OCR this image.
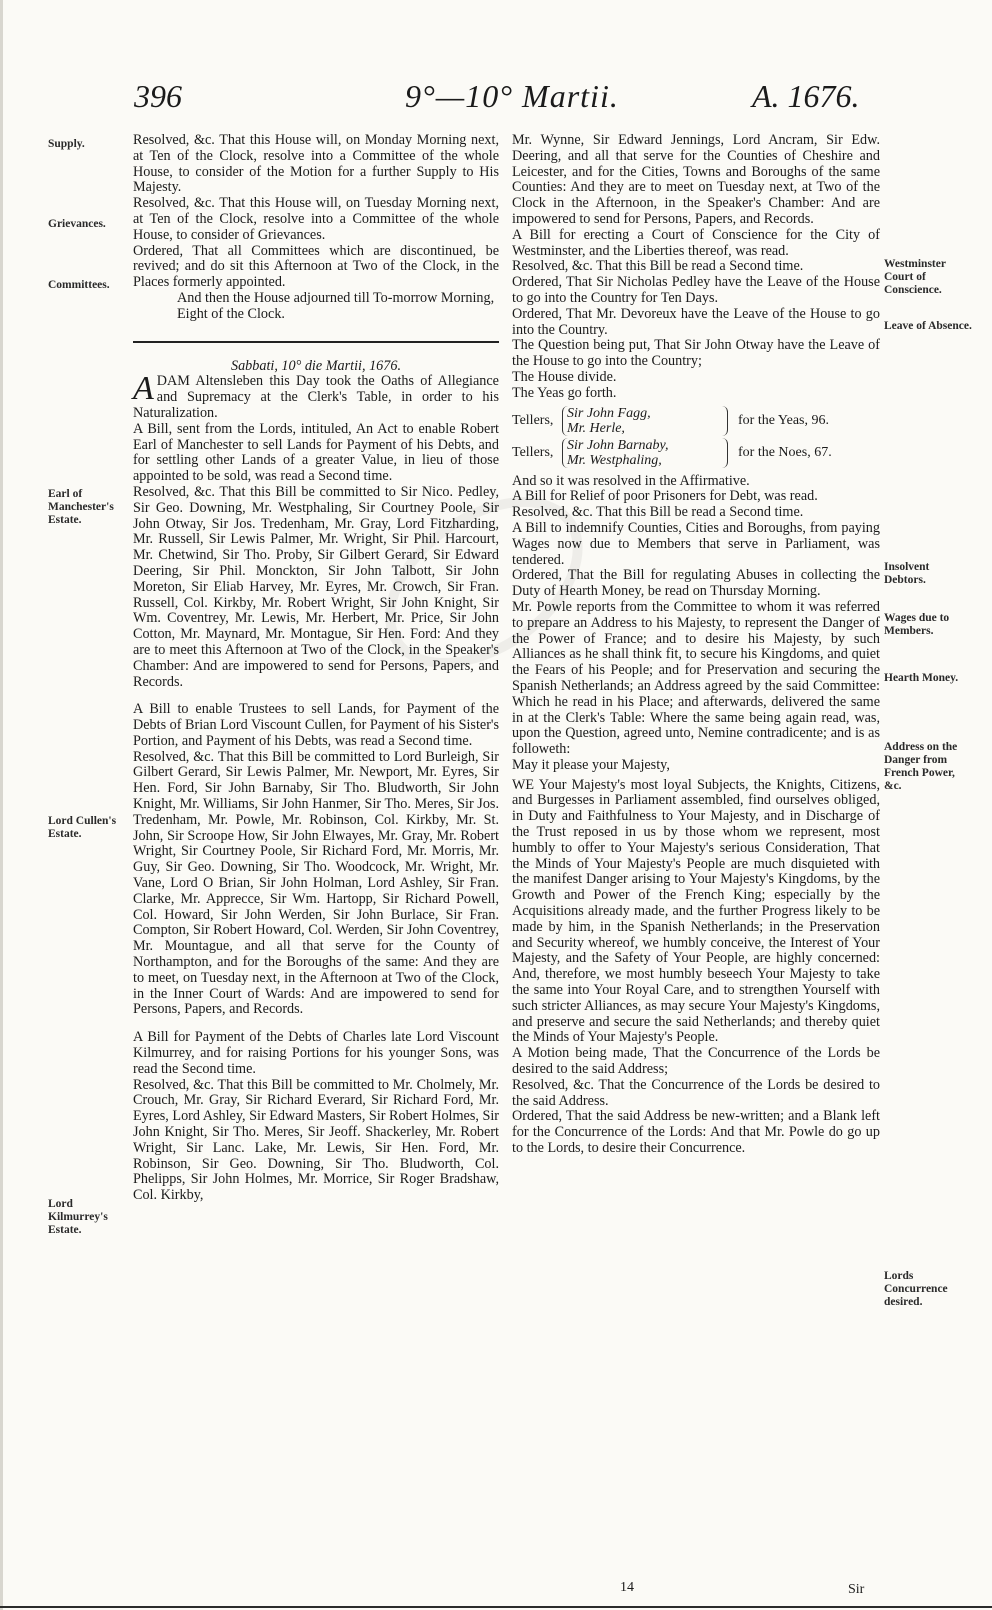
396	9°—10° Martii.	A. 1676.
Supply.
Grievances.
Committees.
Earl of Manchester's Estate.
Lord Cullen's Estate.
Lord Kilmurrey's Estate.
Westminster Court of Conscience.
Leave of Absence.
Insolvent Debtors.
Wages due to Members.
Hearth Money.
Address on the Danger from French Power, &c.
Lords Concurrence desired.

Resolved, &c. That this House will, on Monday Morning next, at Ten of the Clock, resolve into a Committee of the whole House, to consider of the Motion for a further Supply to His Majesty.

Resolved, &c. That this House will, on Tuesday Morning next, at Ten of the Clock, resolve into a Committee of the whole House, to consider of Grievances.

Ordered, That all Committees which are discontinued, be revived; and do sit this Afternoon at Two of the Clock, in the Places formerly appointed.

And then the House adjourned till To-morrow Morning, Eight of the Clock.

Sabbati, 10° die Martii, 1676.

ADAM Altensleben this Day took the Oaths of Allegiance and Supremacy at the Clerk's Table, in order to his Naturalization.

A Bill, sent from the Lords, intituled, An Act to enable Robert Earl of Manchester to sell Lands for Payment of his Debts, and for settling other Lands of a greater Value, in lieu of those appointed to be sold, was read a Second time.

Resolved, &c. That this Bill be committed to Sir Nico. Pedley, Sir Geo. Downing, Mr. Westphaling, Sir Courtney Poole, Sir John Otway, Sir Jos. Tredenham, Mr. Gray, Lord Fitzharding, Mr. Russell, Sir Lewis Palmer, Mr. Wright, Sir Phil. Harcourt, Mr. Chetwind, Sir Tho. Proby, Sir Gilbert Gerard, Sir Edward Deering, Sir Phil. Monckton, Sir John Talbott, Sir John Moreton, Sir Eliab Harvey, Mr. Eyres, Mr. Crowch, Sir Fran. Russell, Col. Kirkby, Mr. Robert Wright, Sir John Knight, Sir Wm. Coventrey, Mr. Lewis, Mr. Herbert, Mr. Price, Sir John Cotton, Mr. Maynard, Mr. Montague, Sir Hen. Ford: And they are to meet this Afternoon at Two of the Clock, in the Speaker's Chamber: And are impowered to send for Persons, Papers, and Records.

A Bill to enable Trustees to sell Lands, for Payment of the Debts of Brian Lord Viscount Cullen, for Payment of his Sister's Portion, and Payment of his Debts, was read a Second time.

Resolved, &c. That this Bill be committed to Lord Burleigh, Sir Gilbert Gerard, Sir Lewis Palmer, Mr. Newport, Mr. Eyres, Sir Hen. Ford, Sir John Barnaby, Sir Tho. Bludworth, Sir John Knight, Mr. Williams, Sir John Hanmer, Sir Tho. Meres, Sir Jos. Tredenham, Mr. Powle, Mr. Robinson, Col. Kirkby, Mr. St. John, Sir Scroope How, Sir John Elwayes, Mr. Gray, Mr. Robert Wright, Sir Courtney Poole, Sir Richard Ford, Mr. Morris, Mr. Guy, Sir Geo. Downing, Sir Tho. Woodcock, Mr. Wright, Mr. Vane, Lord O Brian, Sir John Holman, Lord Ashley, Sir Fran. Clarke, Mr. Apprecce, Sir Wm. Hartopp, Sir Richard Powell, Col. Howard, Sir John Werden, Sir John Burlace, Sir Fran. Compton, Sir Robert Howard, Col. Werden, Sir John Coventrey, Mr. Mountague, and all that serve for the County of Northampton, and for the Boroughs of the same: And they are to meet, on Tuesday next, in the Afternoon at Two of the Clock, in the Inner Court of Wards: And are impowered to send for Persons, Papers, and Records.

A Bill for Payment of the Debts of Charles late Lord Viscount Kilmurrey, and for raising Portions for his younger Sons, was read the Second time.

Resolved, &c. That this Bill be committed to Mr. Cholmely, Mr. Crouch, Mr. Gray, Sir Richard Everard, Sir Richard Ford, Mr. Eyres, Lord Ashley, Sir Edward Masters, Sir Robert Holmes, Sir John Knight, Sir Tho. Meres, Sir Jeoff. Shackerley, Mr. Robert Wright, Sir Lanc. Lake, Mr. Lewis, Sir Hen. Ford, Mr. Robinson, Sir Geo. Downing, Sir Tho. Bludworth, Col. Phelipps, Sir John Holmes, Mr. Morrice, Sir Roger Bradshaw, Col. Kirkby,

Mr. Wynne, Sir Edward Jennings, Lord Ancram, Sir Edw. Deering, and all that serve for the Counties of Cheshire and Leicester, and for the Cities, Towns and Boroughs of the same Counties: And they are to meet on Tuesday next, at Two of the Clock in the Afternoon, in the Speaker's Chamber: And are impowered to send for Persons, Papers, and Records.

A Bill for erecting a Court of Conscience for the City of Westminster, and the Liberties thereof, was read.

Resolved, &c. That this Bill be read a Second time.

Ordered, That Sir Nicholas Pedley have the Leave of the House to go into the Country for Ten Days.

Ordered, That Mr. Devoreux have the Leave of the House to go into the Country.

The Question being put, That Sir John Otway have the Leave of the House to go into the Country;

The House divide.

The Yeas go forth.

Tellers, Sir John Fagg,
Mr. Herle,
for the Yeas, 96.
Tellers, Sir John Barnaby,
Mr. Westphaling,
for the Noes, 67.

And so it was resolved in the Affirmative.

A Bill for Relief of poor Prisoners for Debt, was read.

Resolved, &c. That this Bill be read a Second time.

A Bill to indemnify Counties, Cities and Boroughs, from paying Wages now due to Members that serve in Parliament, was tendered.

Ordered, That the Bill for regulating Abuses in collecting the Duty of Hearth Money, be read on Thursday Morning.

Mr. Powle reports from the Committee to whom it was referred to prepare an Address to his Majesty, to represent the Danger of the Power of France; and to desire his Majesty, by such Alliances as he shall think fit, to secure his Kingdoms, and quiet the Fears of his People; and for Preservation and securing the Spanish Netherlands; an Address agreed by the said Committee: Which he read in his Place; and afterwards, delivered the same in at the Clerk's Table: Where the same being again read, was, upon the Question, agreed unto, Nemine contradicente; and is as followeth:

May it please your Majesty,

WE Your Majesty's most loyal Subjects, the Knights, Citizens, and Burgesses in Parliament assembled, find ourselves obliged, in Duty and Faithfulness to Your Majesty, and in Discharge of the Trust reposed in us by those whom we represent, most humbly to offer to Your Majesty's serious Consideration, That the Minds of Your Majesty's People are much disquieted with the manifest Danger arising to Your Majesty's Kingdoms, by the Growth and Power of the French King; especially by the Acquisitions already made, and the further Progress likely to be made by him, in the Spanish Netherlands; in the Preservation and Security whereof, we humbly conceive, the Interest of Your Majesty, and the Safety of Your People, are highly concerned: And, therefore, we most humbly beseech Your Majesty to take the same into Your Royal Care, and to strengthen Yourself with such stricter Alliances, as may secure Your Majesty's Kingdoms, and preserve and secure the said Netherlands; and thereby quiet the Minds of Your Majesty's People.

A Motion being made, That the Concurrence of the Lords be desired to the said Address;

Resolved, &c. That the Concurrence of the Lords be desired to the said Address.

Ordered, That the said Address be new-written; and a Blank left for the Concurrence of the Lords: And that Mr. Powle do go up to the Lords, to desire their Concurrence.

14	Sir
